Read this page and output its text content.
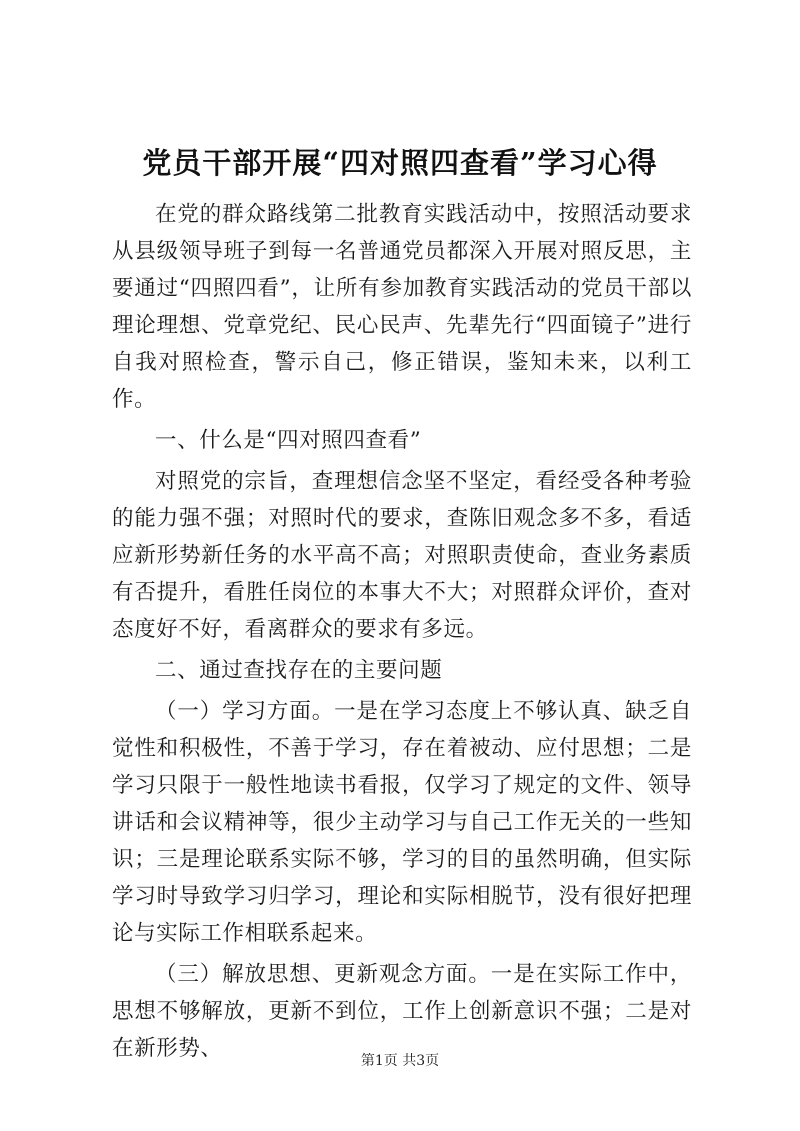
党员干部开展“四对照四查看”学习心得

在党的群众路线第二批教育实践活动中，按照活动要求从县级领导班子到每一名普通党员都深入开展对照反思，主要通过“四照四看”，让所有参加教育实践活动的党员干部以理论理想、党章党纪、民心民声、先辈先行“四面镜子”进行自我对照检查，警示自己，修正错误，鉴知未来，以利工作。

一、什么是“四对照四查看”

对照党的宗旨，查理想信念坚不坚定，看经受各种考验的能力强不强；对照时代的要求，查陈旧观念多不多，看适应新形势新任务的水平高不高；对照职责使命，查业务素质有否提升，看胜任岗位的本事大不大；对照群众评价，查对态度好不好，看离群众的要求有多远。

二、通过查找存在的主要问题

（一）学习方面。一是在学习态度上不够认真、缺乏自觉性和积极性，不善于学习，存在着被动、应付思想；二是学习只限于一般性地读书看报，仅学习了规定的文件、领导讲话和会议精神等，很少主动学习与自己工作无关的一些知识；三是理论联系实际不够，学习的目的虽然明确，但实际学习时导致学习归学习，理论和实际相脱节，没有很好把理论与实际工作相联系起来。

（三）解放思想、更新观念方面。一是在实际工作中，思想不够解放，更新不到位，工作上创新意识不强；二是对在新形势、	第1页 共3页
